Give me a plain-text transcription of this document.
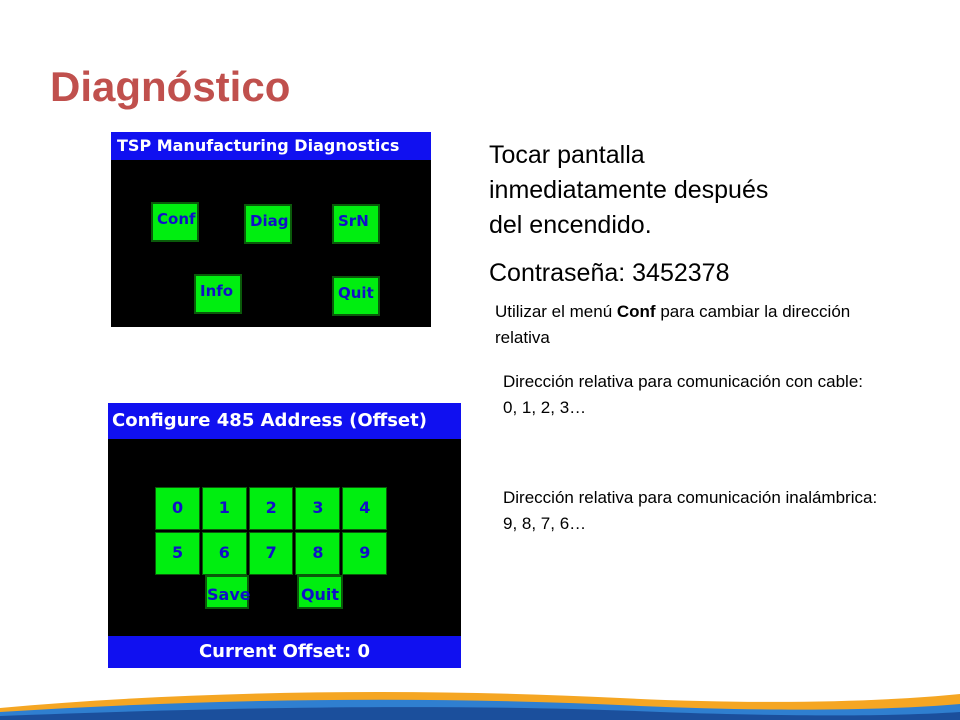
Diagnóstico
TSP Manufacturing Diagnostics
Conf	Diag	SrN
Info	Quit
Configure 485 Address (Offset)
0	1	2	3	4
5	6	7	8	9
Save	Quit
Current Offset: 0
Tocar pantalla
inmediatamente después
del encendido.
Contraseña: 3452378
Utilizar el menú Conf para cambiar la dirección relativa
Dirección relativa para comunicación con cable:
0, 1, 2, 3…
Dirección relativa para comunicación inalámbrica:
9, 8, 7, 6…
